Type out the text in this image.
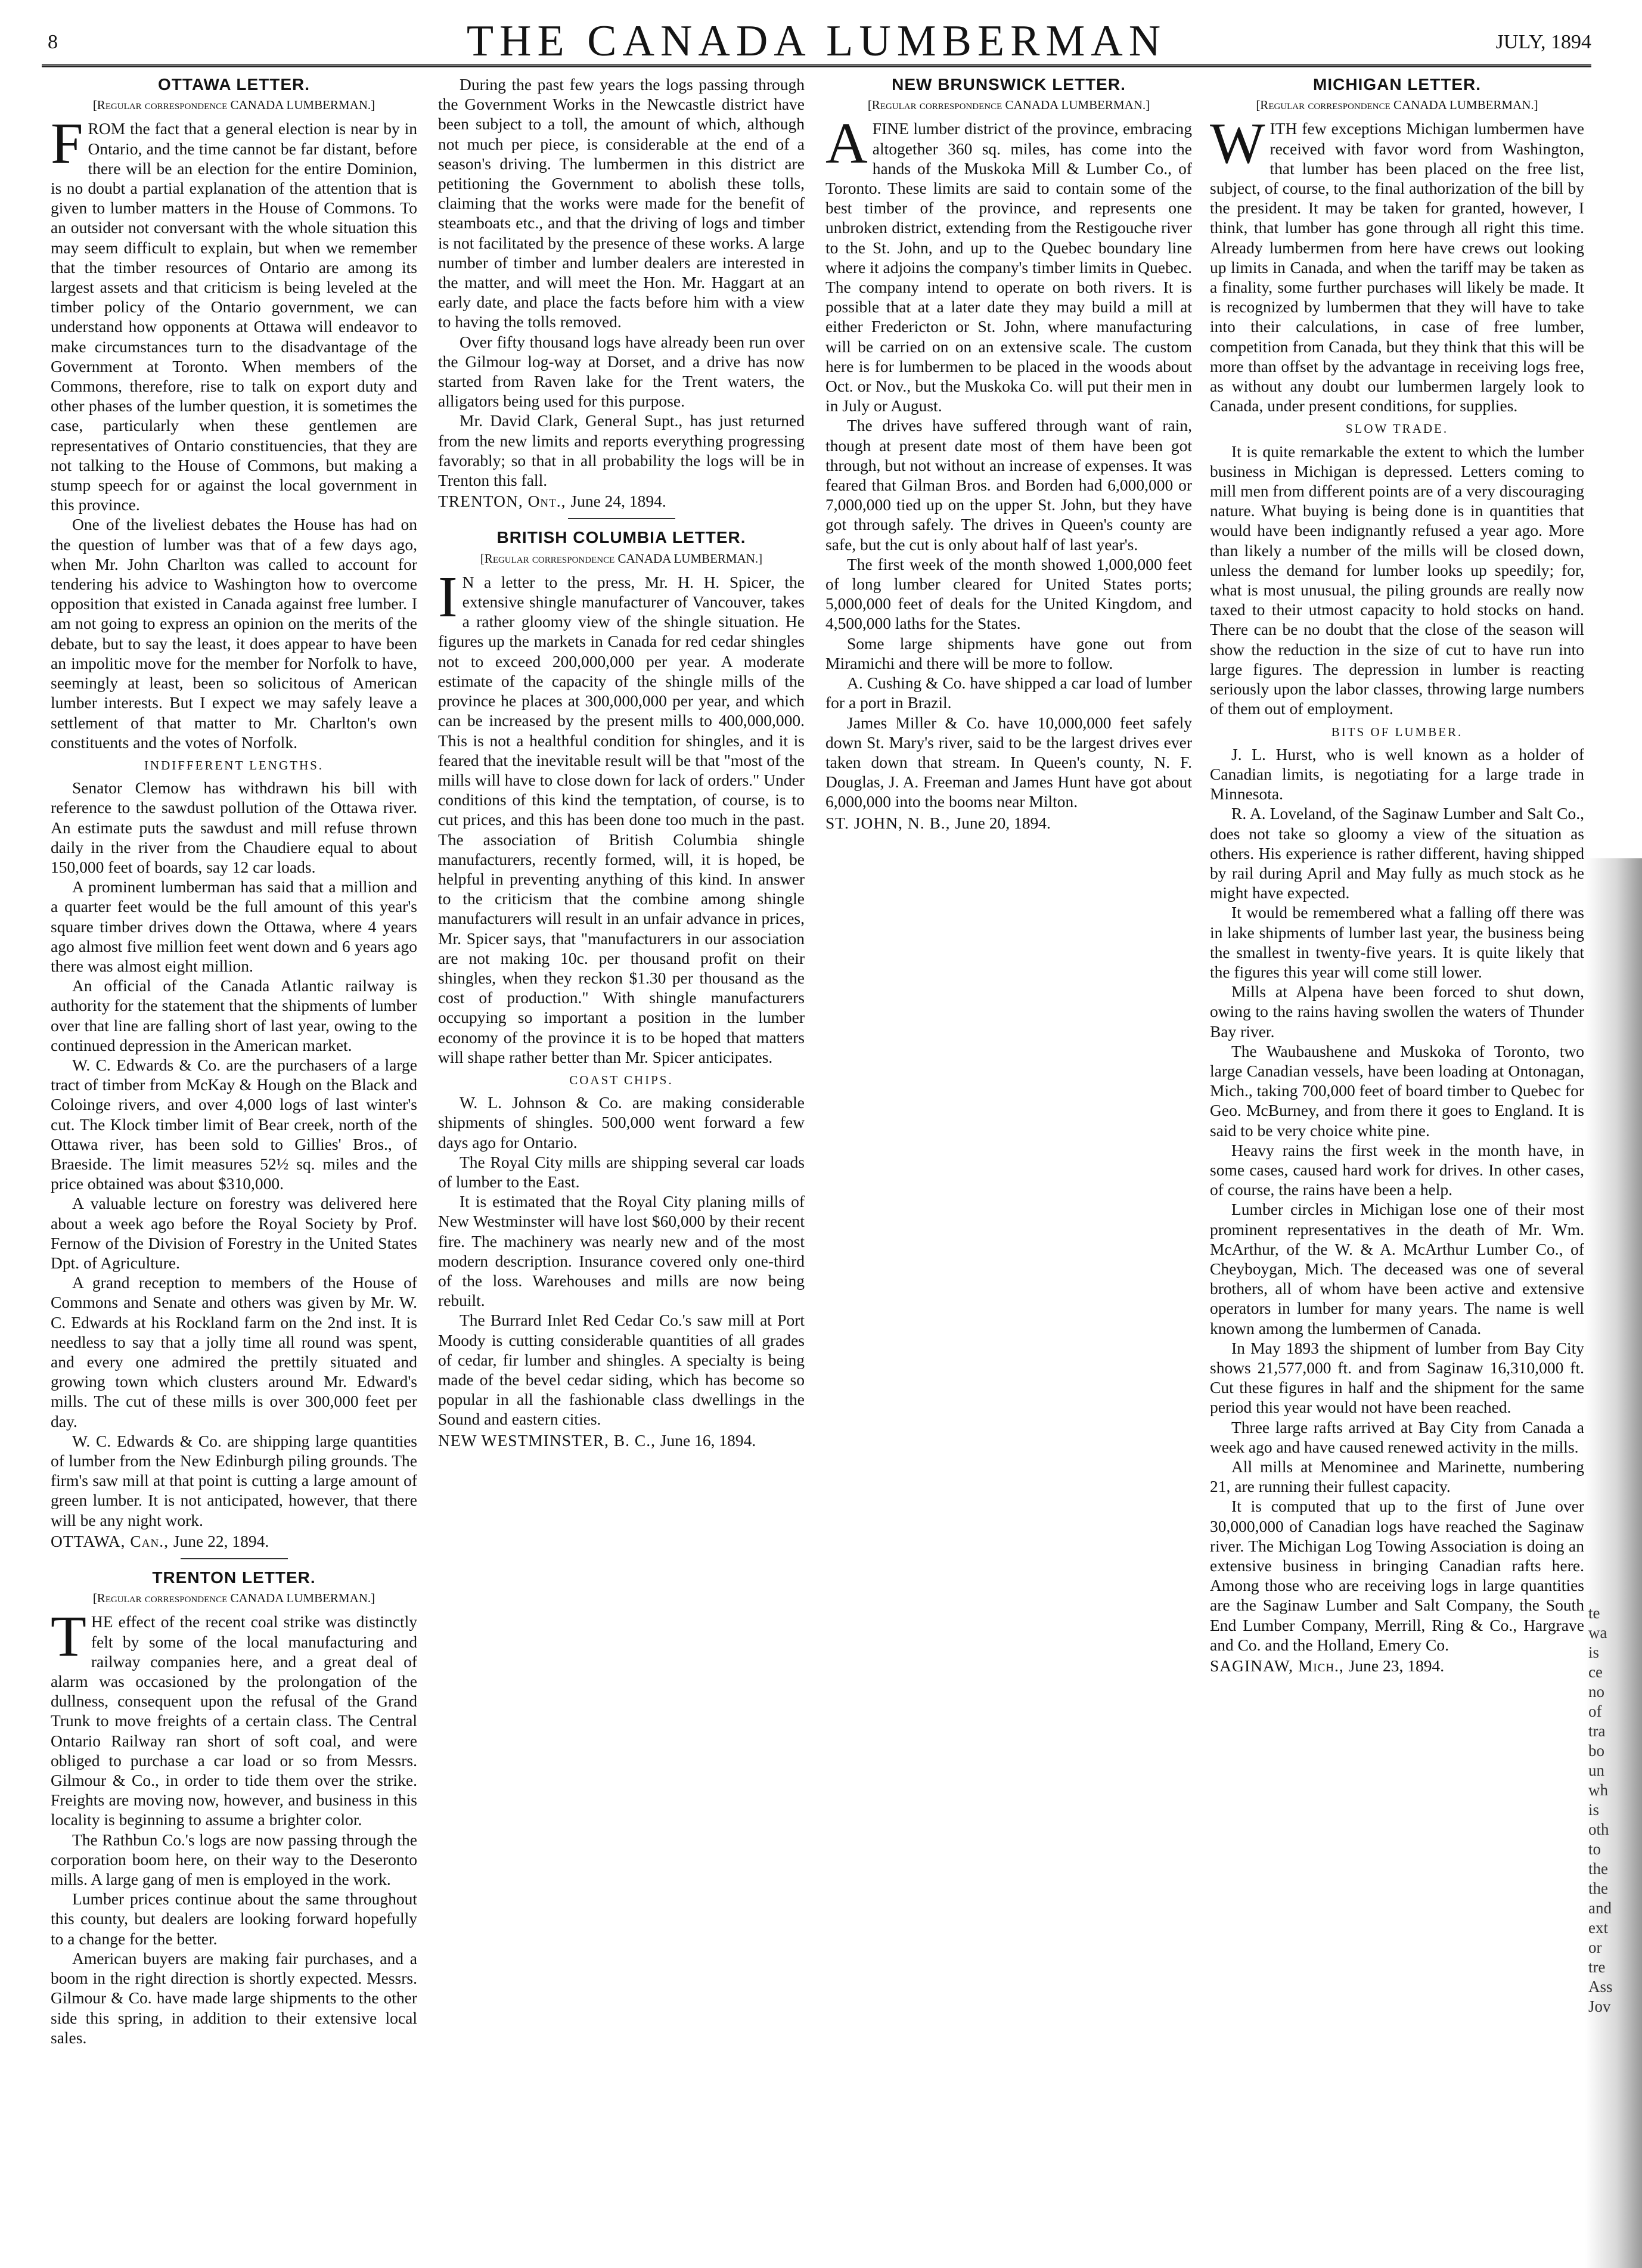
8	THE CANADA LUMBERMAN	JULY, 1894
OTTAWA LETTER.
[Regular correspondence CANADA LUMBERMAN.]

FROM the fact that a general election is near by in Ontario, and the time cannot be far distant, before there will be an election for the entire Dominion, is no doubt a partial explanation of the attention that is given to lumber matters in the House of Commons. To an outsider not conversant with the whole situation this may seem difficult to explain, but when we remember that the timber resources of Ontario are among its largest assets and that criticism is being leveled at the timber policy of the Ontario government, we can understand how opponents at Ottawa will endeavor to make circumstances turn to the disadvantage of the Government at Toronto. When members of the Commons, therefore, rise to talk on export duty and other phases of the lumber question, it is sometimes the case, particularly when these gentlemen are representatives of Ontario constituencies, that they are not talking to the House of Commons, but making a stump speech for or against the local government in this province.

One of the liveliest debates the House has had on the question of lumber was that of a few days ago, when Mr. John Charlton was called to account for tendering his advice to Washington how to overcome opposition that existed in Canada against free lumber. I am not going to express an opinion on the merits of the debate, but to say the least, it does appear to have been an impolitic move for the member for Norfolk to have, seemingly at least, been so solicitous of American lumber interests. But I expect we may safely leave a settlement of that matter to Mr. Charlton's own constituents and the votes of Norfolk.

INDIFFERENT LENGTHS.

Senator Clemow has withdrawn his bill with reference to the sawdust pollution of the Ottawa river. An estimate puts the sawdust and mill refuse thrown daily in the river from the Chaudiere equal to about 150,000 feet of boards, say 12 car loads.

A prominent lumberman has said that a million and a quarter feet would be the full amount of this year's square timber drives down the Ottawa, where 4 years ago almost five million feet went down and 6 years ago there was almost eight million.

An official of the Canada Atlantic railway is authority for the statement that the shipments of lumber over that line are falling short of last year, owing to the continued depression in the American market.

W. C. Edwards & Co. are the purchasers of a large tract of timber from McKay & Hough on the Black and Coloinge rivers, and over 4,000 logs of last winter's cut. The Klock timber limit of Bear creek, north of the Ottawa river, has been sold to Gillies' Bros., of Braeside. The limit measures 52½ sq. miles and the price obtained was about $310,000.

A valuable lecture on forestry was delivered here about a week ago before the Royal Society by Prof. Fernow of the Division of Forestry in the United States Dpt. of Agriculture.

A grand reception to members of the House of Commons and Senate and others was given by Mr. W. C. Edwards at his Rockland farm on the 2nd inst. It is needless to say that a jolly time all round was spent, and every one admired the prettily situated and growing town which clusters around Mr. Edward's mills. The cut of these mills is over 300,000 feet per day.

W. C. Edwards & Co. are shipping large quantities of lumber from the New Edinburgh piling grounds. The firm's saw mill at that point is cutting a large amount of green lumber. It is not anticipated, however, that there will be any night work.

OTTAWA, Can., June 22, 1894.

TRENTON LETTER.
[Regular correspondence CANADA LUMBERMAN.]

THE effect of the recent coal strike was distinctly felt by some of the local manufacturing and railway companies here, and a great deal of alarm was occasioned by the prolongation of the dullness, consequent upon the refusal of the Grand Trunk to move freights of a certain class. The Central Ontario Railway ran short of soft coal, and were obliged to purchase a car load or so from Messrs. Gilmour & Co., in order to tide them over the strike. Freights are moving now, however, and business in this locality is beginning to assume a brighter color.

The Rathbun Co.'s logs are now passing through the corporation boom here, on their way to the Deseronto mills. A large gang of men is employed in the work.

Lumber prices continue about the same throughout this county, but dealers are looking forward hopefully to a change for the better.

American buyers are making fair purchases, and a boom in the right direction is shortly expected. Messrs. Gilmour & Co. have made large shipments to the other side this spring, in addition to their extensive local sales.

During the past few years the logs passing through the Government Works in the Newcastle district have been subject to a toll, the amount of which, although not much per piece, is considerable at the end of a season's driving. The lumbermen in this district are petitioning the Government to abolish these tolls, claiming that the works were made for the benefit of steamboats etc., and that the driving of logs and timber is not facilitated by the presence of these works. A large number of timber and lumber dealers are interested in the matter, and will meet the Hon. Mr. Haggart at an early date, and place the facts before him with a view to having the tolls removed.

Over fifty thousand logs have already been run over the Gilmour log-way at Dorset, and a drive has now started from Raven lake for the Trent waters, the alligators being used for this purpose.

Mr. David Clark, General Supt., has just returned from the new limits and reports everything progressing favorably; so that in all probability the logs will be in Trenton this fall.

TRENTON, Ont., June 24, 1894.

BRITISH COLUMBIA LETTER.
[Regular correspondence CANADA LUMBERMAN.]

IN a letter to the press, Mr. H. H. Spicer, the extensive shingle manufacturer of Vancouver, takes a rather gloomy view of the shingle situation. He figures up the markets in Canada for red cedar shingles not to exceed 200,000,000 per year. A moderate estimate of the capacity of the shingle mills of the province he places at 300,000,000 per year, and which can be increased by the present mills to 400,000,000. This is not a healthful condition for shingles, and it is feared that the inevitable result will be that "most of the mills will have to close down for lack of orders." Under conditions of this kind the temptation, of course, is to cut prices, and this has been done too much in the past. The association of British Columbia shingle manufacturers, recently formed, will, it is hoped, be helpful in preventing anything of this kind. In answer to the criticism that the combine among shingle manufacturers will result in an unfair advance in prices, Mr. Spicer says, that "manufacturers in our association are not making 10c. per thousand profit on their shingles, when they reckon $1.30 per thousand as the cost of production." With shingle manufacturers occupying so important a position in the lumber economy of the province it is to be hoped that matters will shape rather better than Mr. Spicer anticipates.

COAST CHIPS.

W. L. Johnson & Co. are making considerable shipments of shingles. 500,000 went forward a few days ago for Ontario.

The Royal City mills are shipping several car loads of lumber to the East.

It is estimated that the Royal City planing mills of New Westminster will have lost $60,000 by their recent fire. The machinery was nearly new and of the most modern description. Insurance covered only one-third of the loss. Warehouses and mills are now being rebuilt.

The Burrard Inlet Red Cedar Co.'s saw mill at Port Moody is cutting considerable quantities of all grades of cedar, fir lumber and shingles. A specialty is being made of the bevel cedar siding, which has become so popular in all the fashionable class dwellings in the Sound and eastern cities.

NEW WESTMINSTER, B. C., June 16, 1894.

NEW BRUNSWICK LETTER.
[Regular correspondence CANADA LUMBERMAN.]

AFINE lumber district of the province, embracing altogether 360 sq. miles, has come into the hands of the Muskoka Mill & Lumber Co., of Toronto. These limits are said to contain some of the best timber of the province, and represents one unbroken district, extending from the Restigouche river to the St. John, and up to the Quebec boundary line where it adjoins the company's timber limits in Quebec. The company intend to operate on both rivers. It is possible that at a later date they may build a mill at either Fredericton or St. John, where manufacturing will be carried on on an extensive scale. The custom here is for lumbermen to be placed in the woods about Oct. or Nov., but the Muskoka Co. will put their men in in July or August.

The drives have suffered through want of rain, though at present date most of them have been got through, but not without an increase of expenses. It was feared that Gilman Bros. and Borden had 6,000,000 or 7,000,000 tied up on the upper St. John, but they have got through safely. The drives in Queen's county are safe, but the cut is only about half of last year's.

The first week of the month showed 1,000,000 feet of long lumber cleared for United States ports; 5,000,000 feet of deals for the United Kingdom, and 4,500,000 laths for the States.

Some large shipments have gone out from Miramichi and there will be more to follow.

A. Cushing & Co. have shipped a car load of lumber for a port in Brazil.

James Miller & Co. have 10,000,000 feet safely down St. Mary's river, said to be the largest drives ever taken down that stream. In Queen's county, N. F. Douglas, J. A. Freeman and James Hunt have got about 6,000,000 into the booms near Milton.

ST. JOHN, N. B., June 20, 1894.

MICHIGAN LETTER.
[Regular correspondence CANADA LUMBERMAN.]

WITH few exceptions Michigan lumbermen have received with favor word from Washington, that lumber has been placed on the free list, subject, of course, to the final authorization of the bill by the president. It may be taken for granted, however, I think, that lumber has gone through all right this time. Already lumbermen from here have crews out looking up limits in Canada, and when the tariff may be taken as a finality, some further purchases will likely be made. It is recognized by lumbermen that they will have to take into their calculations, in case of free lumber, competition from Canada, but they think that this will be more than offset by the advantage in receiving logs free, as without any doubt our lumbermen largely look to Canada, under present conditions, for supplies.

SLOW TRADE.

It is quite remarkable the extent to which the lumber business in Michigan is depressed. Letters coming to mill men from different points are of a very discouraging nature. What buying is being done is in quantities that would have been indignantly refused a year ago. More than likely a number of the mills will be closed down, unless the demand for lumber looks up speedily; for, what is most unusual, the piling grounds are really now taxed to their utmost capacity to hold stocks on hand. There can be no doubt that the close of the season will show the reduction in the size of cut to have run into large figures. The depression in lumber is reacting seriously upon the labor classes, throwing large numbers of them out of employment.

BITS OF LUMBER.

J. L. Hurst, who is well known as a holder of Canadian limits, is negotiating for a large trade in Minnesota.

R. A. Loveland, of the Saginaw Lumber and Salt Co., does not take so gloomy a view of the situation as others. His experience is rather different, having shipped by rail during April and May fully as much stock as he might have expected.

It would be remembered what a falling off there was in lake shipments of lumber last year, the business being the smallest in twenty-five years. It is quite likely that the figures this year will come still lower.

Mills at Alpena have been forced to shut down, owing to the rains having swollen the waters of Thunder Bay river.

The Waubaushene and Muskoka of Toronto, two large Canadian vessels, have been loading at Ontonagan, Mich., taking 700,000 feet of board timber to Quebec for Geo. McBurney, and from there it goes to England. It is said to be very choice white pine.

Heavy rains the first week in the month have, in some cases, caused hard work for drives. In other cases, of course, the rains have been a help.

Lumber circles in Michigan lose one of their most prominent representatives in the death of Mr. Wm. McArthur, of the W. & A. McArthur Lumber Co., of Cheyboygan, Mich. The deceased was one of several brothers, all of whom have been active and extensive operators in lumber for many years. The name is well known among the lumbermen of Canada.

In May 1893 the shipment of lumber from Bay City shows 21,577,000 ft. and from Saginaw 16,310,000 ft. Cut these figures in half and the shipment for the same period this year would not have been reached.

Three large rafts arrived at Bay City from Canada a week ago and have caused renewed activity in the mills.

All mills at Menominee and Marinette, numbering 21, are running their fullest capacity.

It is computed that up to the first of June over 30,000,000 of Canadian logs have reached the Saginaw river. The Michigan Log Towing Association is doing an extensive business in bringing Canadian rafts here. Among those who are receiving logs in large quantities are the Saginaw Lumber and Salt Company, the South End Lumber Company, Merrill, Ring & Co., Hargrave and Co. and the Holland, Emery Co.

SAGINAW, Mich., June 23, 1894.

te
wa
is
ce
no
of
tra
bo
un
wh
is
oth
to
the
the
and
ext
or
tre
Ass
Jov
